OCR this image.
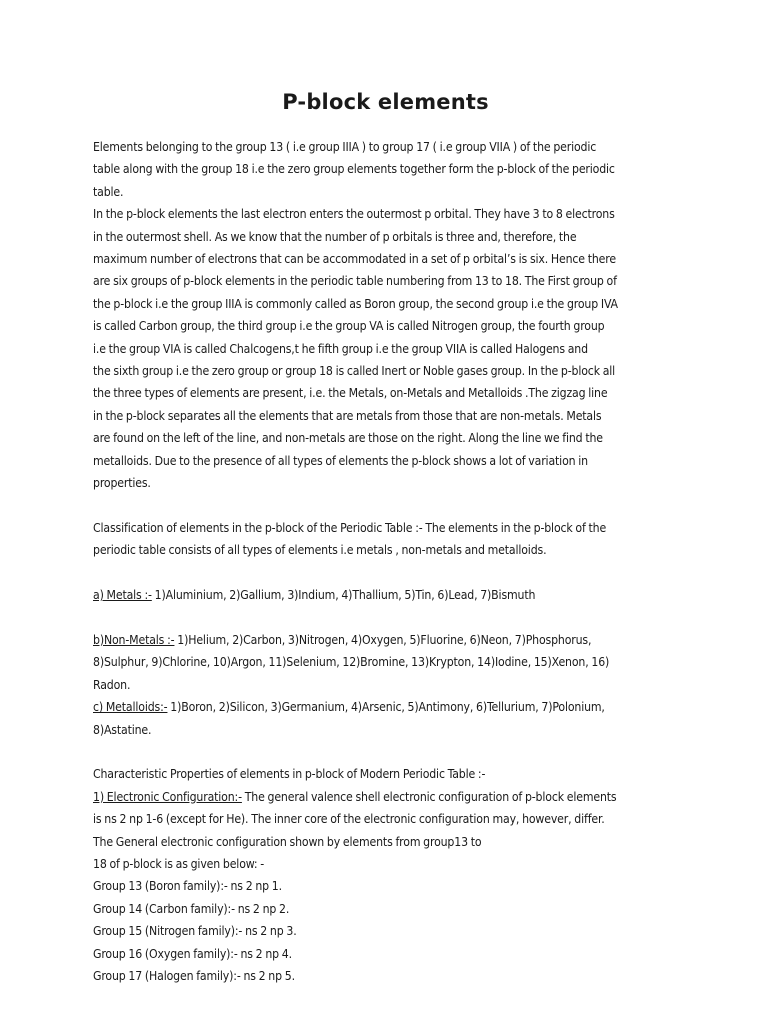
P-block elements

Elements belonging to the group 13 ( i.e group IIIA ) to group 17 ( i.e group VIIA ) of the periodic
table along with the group 18 i.e the zero group elements together form the p-block of the periodic
table.

In the p-block elements the last electron enters the outermost p orbital. They have 3 to 8 electrons
in the outermost shell. As we know that the number of p orbitals is three and, therefore, the
maximum number of electrons that can be accommodated in a set of p orbital’s is six. Hence there
are six groups of p-block elements in the periodic table numbering from 13 to 18. The First group of
the p-block i.e the group IIIA is commonly called as Boron group, the second group i.e the group IVA
is called Carbon group, the third group i.e the group VA is called Nitrogen group, the fourth group
i.e the group VIA is called Chalcogens,t he fifth group i.e the group VIIA is called Halogens and
the sixth group i.e the zero group or group 18 is called Inert or Noble gases group. In the p-block all
the three types of elements are present, i.e. the Metals, on-Metals and Metalloids .The zigzag line
in the p-block separates all the elements that are metals from those that are non-metals. Metals
are found on the left of the line, and non-metals are those on the right. Along the line we find the
metalloids. Due to the presence of all types of elements the p-block shows a lot of variation in
properties.

Classification of elements in the p-block of the Periodic Table :- The elements in the p-block of the
periodic table consists of all types of elements i.e metals , non-metals and metalloids.

a) Metals :- 1)Aluminium, 2)Gallium, 3)Indium, 4)Thallium, 5)Tin, 6)Lead, 7)Bismuth

b)Non-Metals :- 1)Helium, 2)Carbon, 3)Nitrogen, 4)Oxygen, 5)Fluorine, 6)Neon, 7)Phosphorus,
8)Sulphur, 9)Chlorine, 10)Argon, 11)Selenium, 12)Bromine, 13)Krypton, 14)Iodine, 15)Xenon, 16)
Radon.

c) Metalloids:- 1)Boron, 2)Silicon, 3)Germanium, 4)Arsenic, 5)Antimony, 6)Tellurium, 7)Polonium,
8)Astatine.

Characteristic Properties of elements in p-block of Modern Periodic Table :-
1) Electronic Configuration:- The general valence shell electronic configuration of p-block elements
is ns 2 np 1-6 (except for He). The inner core of the electronic configuration may, however, differ.
The General electronic configuration shown by elements from group13 to
18 of p-block is as given below: -
Group 13 (Boron family):- ns 2 np 1.
Group 14 (Carbon family):- ns 2 np 2.
Group 15 (Nitrogen family):- ns 2 np 3.
Group 16 (Oxygen family):- ns 2 np 4.
Group 17 (Halogen family):- ns 2 np 5.
